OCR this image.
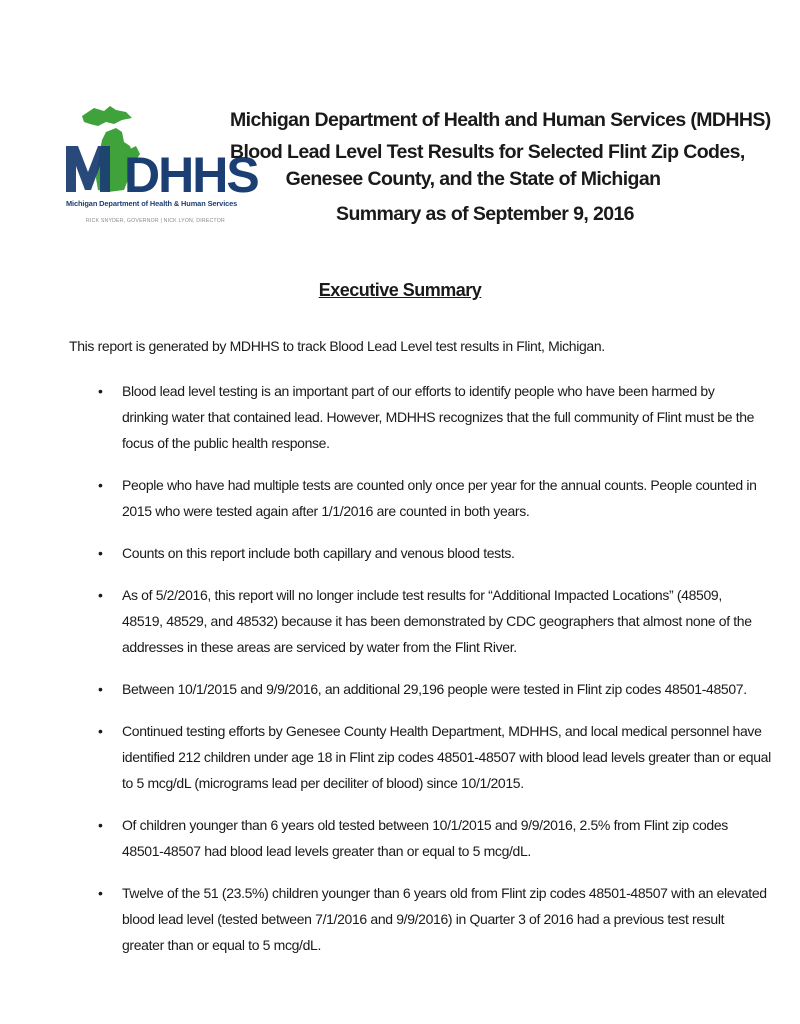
DHHS
Michigan Department of Health & Human Services
RICK SNYDER, GOVERNOR | NICK LYON, DIRECTOR
Michigan Department of Health and Human Services (MDHHS)
Blood Lead Level Test Results for Selected Flint Zip Codes,
Genesee County, and the State of Michigan
Summary as of September 9, 2016
Executive Summary
This report is generated by MDHHS to track Blood Lead Level test results in Flint, Michigan.
• Blood lead level testing is an important part of our efforts to identify people who have been harmed by
drinking water that contained lead. However, MDHHS recognizes that the full community of Flint must be the
focus of the public health response.
• People who have had multiple tests are counted only once per year for the annual counts. People counted in
2015 who were tested again after 1/1/2016 are counted in both years.
• Counts on this report include both capillary and venous blood tests.
• As of 5/2/2016, this report will no longer include test results for “Additional Impacted Locations” (48509,
48519, 48529, and 48532) because it has been demonstrated by CDC geographers that almost none of the
addresses in these areas are serviced by water from the Flint River.
• Between 10/1/2015 and 9/9/2016, an additional 29,196 people were tested in Flint zip codes 48501-48507.
• Continued testing efforts by Genesee County Health Department, MDHHS, and local medical personnel have
identified 212 children under age 18 in Flint zip codes 48501-48507 with blood lead levels greater than or equal
to 5 mcg/dL (micrograms lead per deciliter of blood) since 10/1/2015.
• Of children younger than 6 years old tested between 10/1/2015 and 9/9/2016, 2.5% from Flint zip codes
48501-48507 had blood lead levels greater than or equal to 5 mcg/dL.
• Twelve of the 51 (23.5%) children younger than 6 years old from Flint zip codes 48501-48507 with an elevated
blood lead level (tested between 7/1/2016 and 9/9/2016) in Quarter 3 of 2016 had a previous test result
greater than or equal to 5 mcg/dL.
